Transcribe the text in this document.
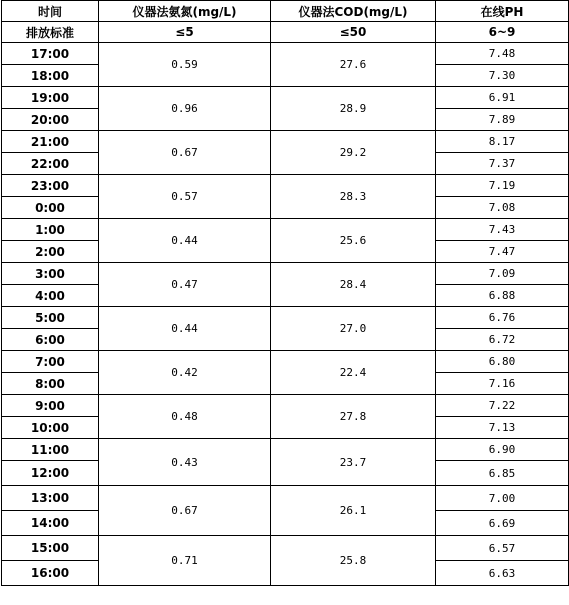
时间	仪器法氨氮(mg/L)	仪器法COD(mg/L)	在线PH
排放标准	≤5	≤50	6~9
17:00	0.59	27.6	7.48
18:00			7.30
19:00	0.96	28.9	6.91
20:00			7.89
21:00	0.67	29.2	8.17
22:00			7.37
23:00	0.57	28.3	7.19
0:00			7.08
1:00	0.44	25.6	7.43
2:00			7.47
3:00	0.47	28.4	7.09
4:00			6.88
5:00	0.44	27.0	6.76
6:00			6.72
7:00	0.42	22.4	6.80
8:00			7.16
9:00	0.48	27.8	7.22
10:00			7.13
11:00	0.43	23.7	6.90
12:00			6.85
13:00	0.67	26.1	7.00
14:00			6.69
15:00	0.71	25.8	6.57
16:00			6.63
